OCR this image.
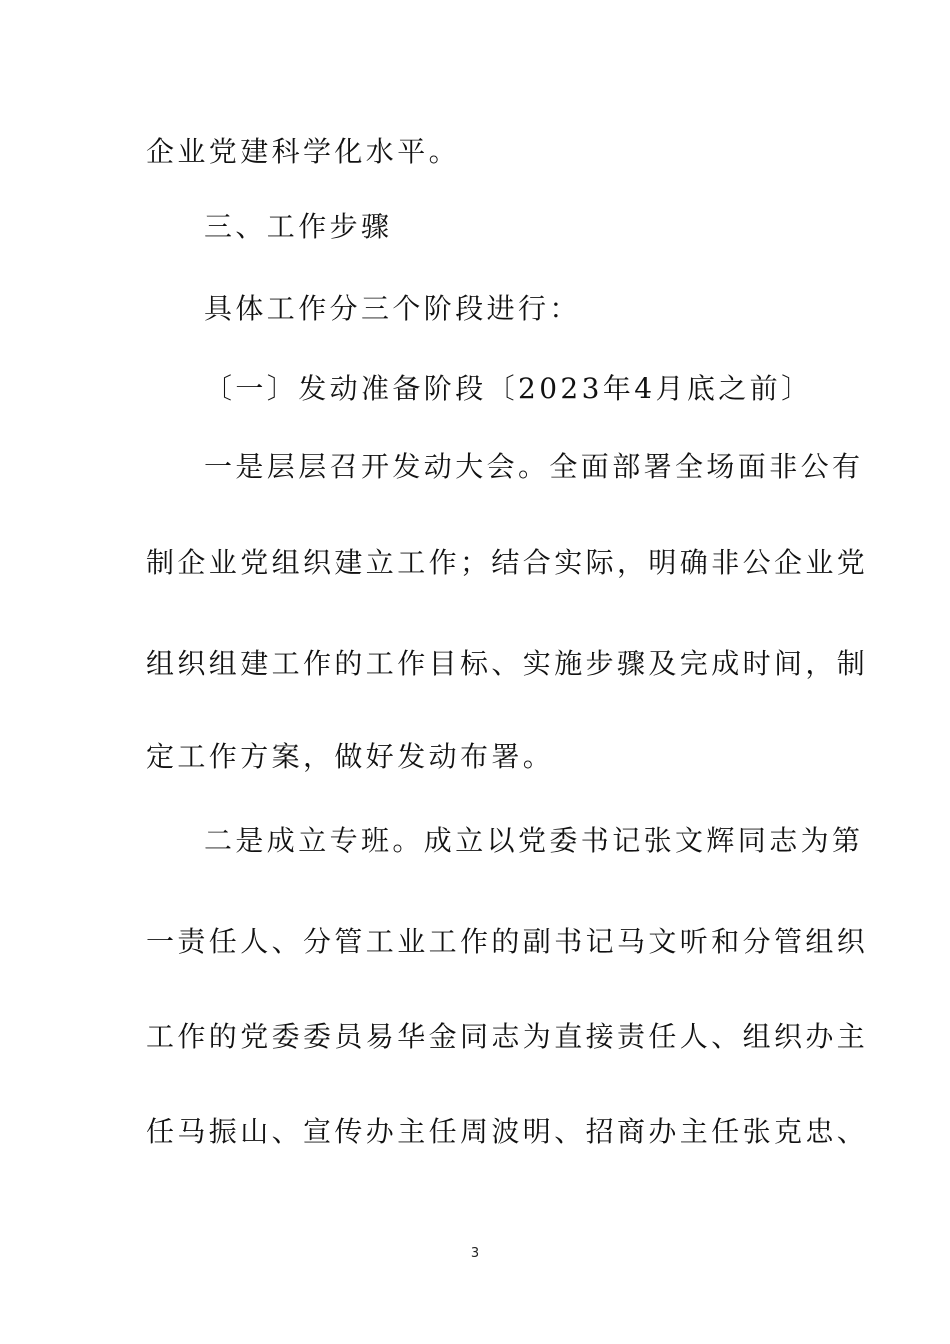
企业党建科学化水平。
三、工作步骤
具体工作分三个阶段进行：
〔一〕发动准备阶段〔2023年4月底之前〕
一是层层召开发动大会。全面部署全场面非公有
制企业党组织建立工作；结合实际，明确非公企业党
组织组建工作的工作目标、实施步骤及完成时间，制
定工作方案，做好发动布署。
二是成立专班。成立以党委书记张文辉同志为第
一责任人、分管工业工作的副书记马文听和分管组织
工作的党委委员易华金同志为直接责任人、组织办主
任马振山、宣传办主任周波明、招商办主任张克忠、
3
